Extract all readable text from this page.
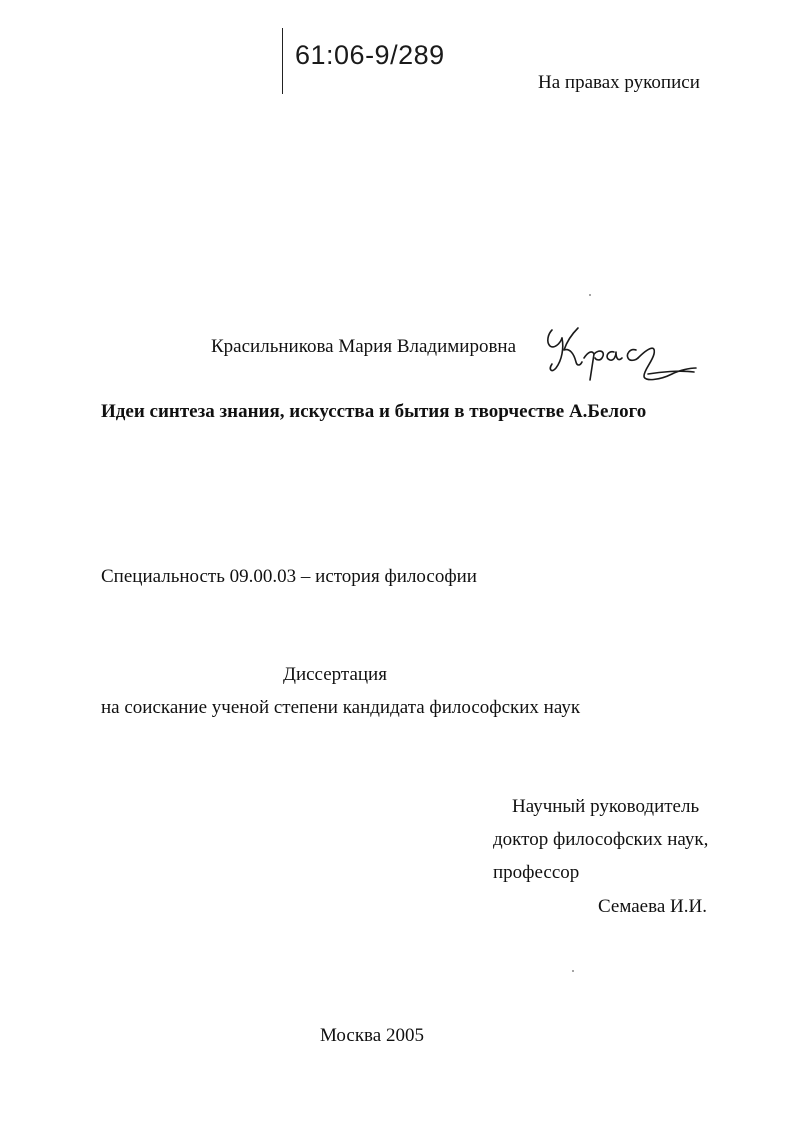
61:06-9/289
На правах рукописи
Красильникова Мария Владимировна
Идеи синтеза знания, искусства и бытия в творчестве А.Белого
Специальность 09.00.03 – история философии
Диссертация
на соискание ученой степени кандидата философских наук
Научный руководитель
доктор философских наук,
профессор
Семаева И.И.
Москва 2005
